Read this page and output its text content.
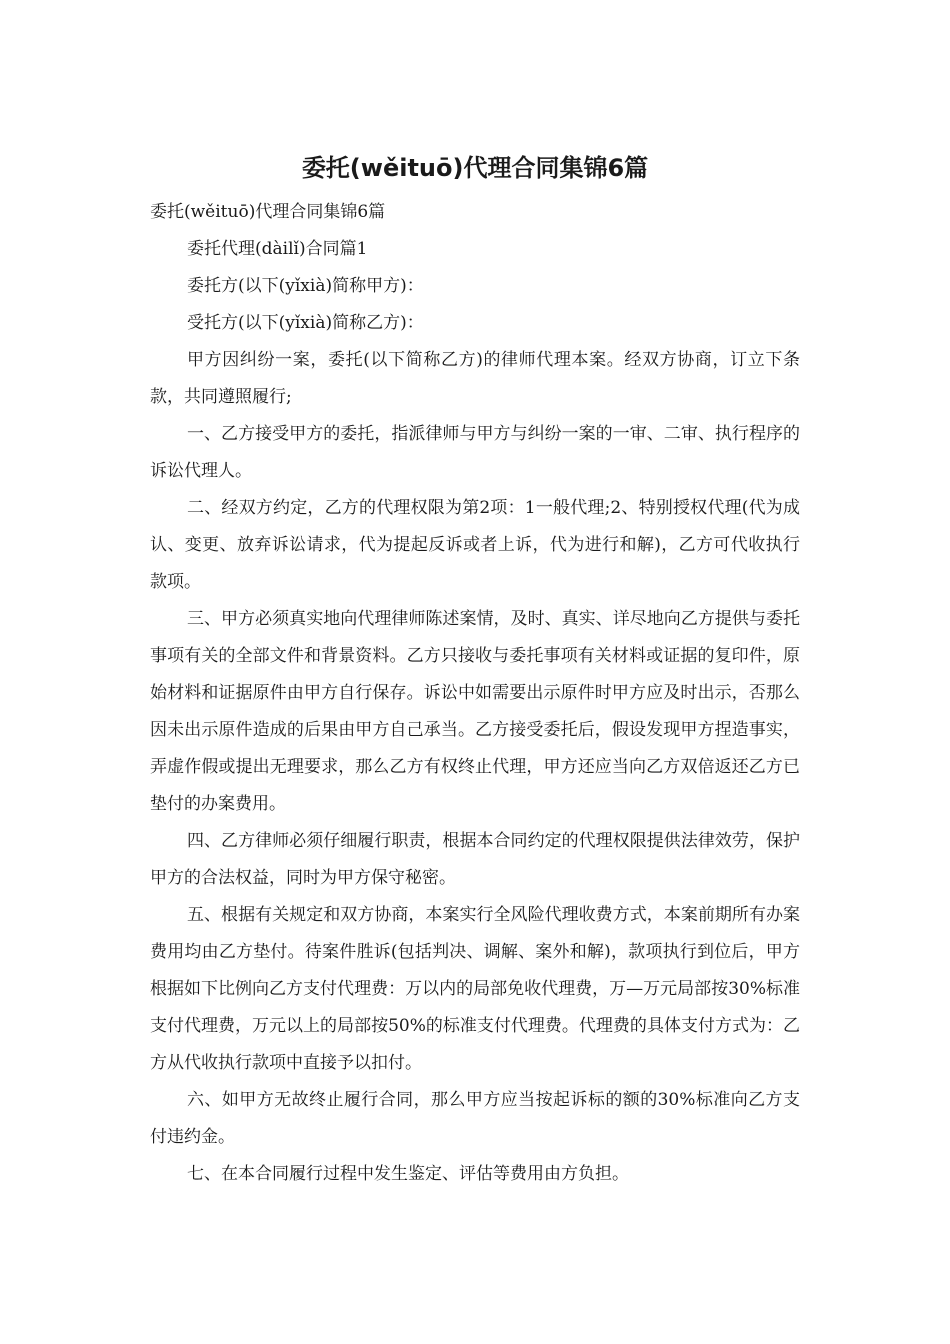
委托(wěituō)代理合同集锦6篇

委托(wěituō)代理合同集锦6篇

委托代理(dàilǐ)合同篇1

委托方(以下(yǐxià)简称甲方)：

受托方(以下(yǐxià)简称乙方)：

甲方因纠纷一案，委托(以下简称乙方)的律师代理本案。经双方协商，订立下条款，共同遵照履行;

一、乙方接受甲方的委托，指派律师与甲方与纠纷一案的一审、二审、执行程序的诉讼代理人。

二、经双方约定，乙方的代理权限为第2项：1一般代理;2、特别授权代理(代为成认、变更、放弃诉讼请求，代为提起反诉或者上诉，代为进行和解)，乙方可代收执行款项。

三、甲方必须真实地向代理律师陈述案情，及时、真实、详尽地向乙方提供与委托事项有关的全部文件和背景资料。乙方只接收与委托事项有关材料或证据的复印件，原始材料和证据原件由甲方自行保存。诉讼中如需要出示原件时甲方应及时出示，否那么因未出示原件造成的后果由甲方自己承当。乙方接受委托后，假设发现甲方捏造事实，弄虚作假或提出无理要求，那么乙方有权终止代理，甲方还应当向乙方双倍返还乙方已垫付的办案费用。

四、乙方律师必须仔细履行职责，根据本合同约定的代理权限提供法律效劳，保护甲方的合法权益，同时为甲方保守秘密。

五、根据有关规定和双方协商，本案实行全风险代理收费方式，本案前期所有办案费用均由乙方垫付。待案件胜诉(包括判决、调解、案外和解)，款项执行到位后，甲方根据如下比例向乙方支付代理费：万以内的局部免收代理费，万—万元局部按30%标准支付代理费，万元以上的局部按50%的标准支付代理费。代理费的具体支付方式为：乙方从代收执行款项中直接予以扣付。

六、如甲方无故终止履行合同，那么甲方应当按起诉标的额的30%标准向乙方支付违约金。

七、在本合同履行过程中发生鉴定、评估等费用由方负担。
